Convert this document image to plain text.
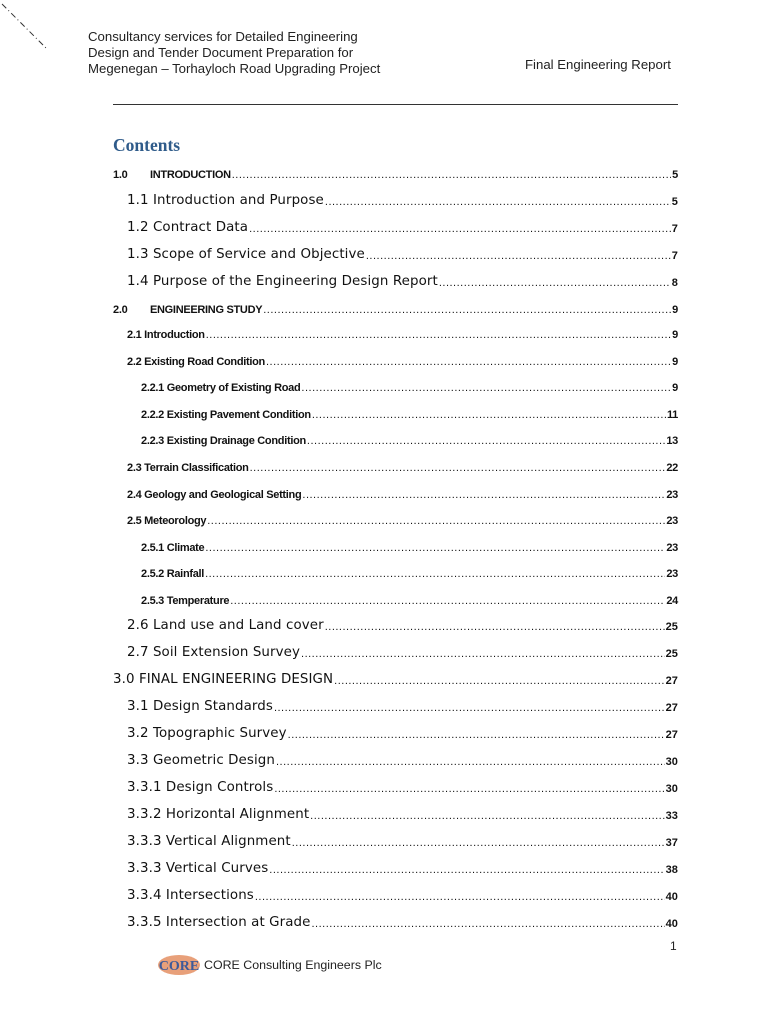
Consultancy services for Detailed Engineering
Design and Tender Document Preparation for
Megenegan – Torhayloch Road Upgrading Project	Final Engineering Report
Contents
1.0 INTRODUCTION .....	5
1.1 Introduction and Purpose .....	5
1.2 Contract Data .....	7
1.3 Scope of Service and Objective .....	7
1.4 Purpose of the Engineering Design Report .....	8
2.0 ENGINEERING STUDY .....	9
2.1 Introduction .....	9
2.2 Existing Road Condition .....	9
2.2.1 Geometry of Existing Road .....	9
2.2.2 Existing Pavement Condition .....	11
2.2.3 Existing Drainage Condition .....	13
2.3 Terrain Classification .....	22
2.4 Geology and Geological Setting .....	23
2.5 Meteorology .....	23
2.5.1 Climate .....	23
2.5.2 Rainfall .....	23
2.5.3 Temperature .....	24
2.6 Land use and Land cover .....	25
2.7 Soil Extension Survey .....	25
3.0 FINAL ENGINEERING DESIGN .....	27
3.1 Design Standards .....	27
3.2 Topographic Survey .....	27
3.3 Geometric Design .....	30
3.3.1 Design Controls .....	30
3.3.2 Horizontal Alignment .....	33
3.3.3 Vertical Alignment .....	37
3.3.3 Vertical Curves .....	38
3.3.4 Intersections .....	40
3.3.5 Intersection at Grade .....	40
1
CORE CORE Consulting Engineers Plc
